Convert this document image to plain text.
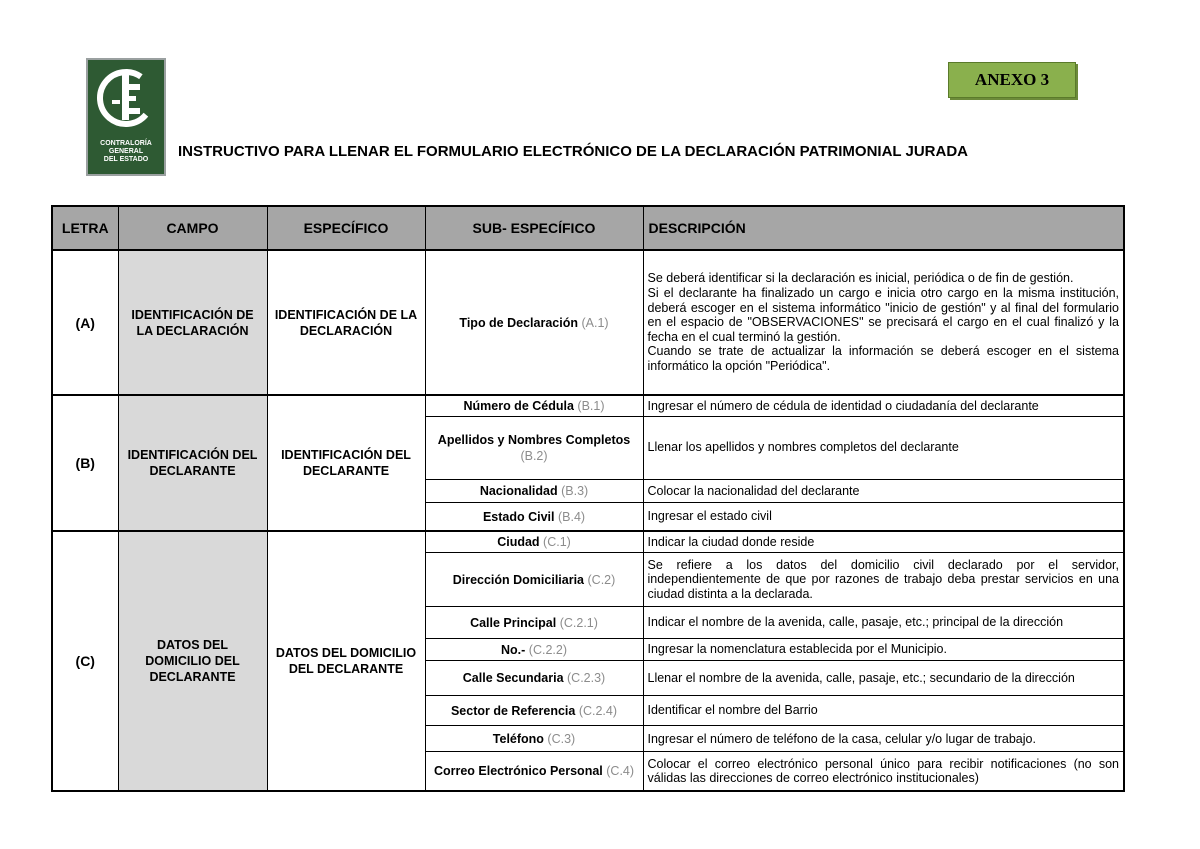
CONTRALORÍA
GENERAL
DEL ESTADO
ANEXO 3
INSTRUCTIVO PARA LLENAR EL FORMULARIO ELECTRÓNICO DE LA DECLARACIÓN PATRIMONIAL JURADA
LETRA	CAMPO	ESPECÍFICO	SUB- ESPECÍFICO	DESCRIPCIÓN
(A)	IDENTIFICACIÓN DE LA DECLARACIÓN	IDENTIFICACIÓN DE LA DECLARACIÓN	Tipo de Declaración (A.1)	Se deberá identificar si la declaración es inicial, periódica o de fin de gestión.
Si el declarante ha finalizado un cargo e inicia otro cargo en la misma institución, deberá escoger en el sistema informático "inicio de gestión" y al final del formulario en el espacio de "OBSERVACIONES" se precisará el cargo en el cual finalizó y la fecha en el cual terminó la gestión.
Cuando se trate de actualizar la información se deberá escoger en el sistema informático la opción "Periódica".
(B)	IDENTIFICACIÓN DEL DECLARANTE	IDENTIFICACIÓN DEL DECLARANTE	Número de Cédula (B.1)	Ingresar el número de cédula de identidad o ciudadanía del declarante
			Apellidos y Nombres Completos (B.2)	Llenar los apellidos y nombres completos del declarante
			Nacionalidad (B.3)	Colocar la nacionalidad del declarante
			Estado Civil (B.4)	Ingresar el estado civil
(C)	DATOS DEL DOMICILIO DEL DECLARANTE	DATOS DEL DOMICILIO DEL DECLARANTE	Ciudad (C.1)	Indicar la ciudad donde reside
			Dirección Domiciliaria (C.2)	Se refiere a los datos del domicilio civil declarado por el servidor, independientemente de que por razones de trabajo deba prestar servicios en una ciudad distinta a la declarada.
			Calle Principal (C.2.1)	Indicar el nombre de la avenida, calle, pasaje, etc.; principal de la dirección
			No.- (C.2.2)	Ingresar la nomenclatura establecida por el Municipio.
			Calle Secundaria (C.2.3)	Llenar el nombre de la avenida, calle, pasaje, etc.; secundario de la dirección
			Sector de Referencia (C.2.4)	Identificar el nombre del Barrio
			Teléfono (C.3)	Ingresar el número de teléfono de la casa, celular y/o lugar de trabajo.
			Correo Electrónico Personal (C.4)	Colocar el correo electrónico personal único para recibir notificaciones (no son válidas las direcciones de correo electrónico institucionales)
